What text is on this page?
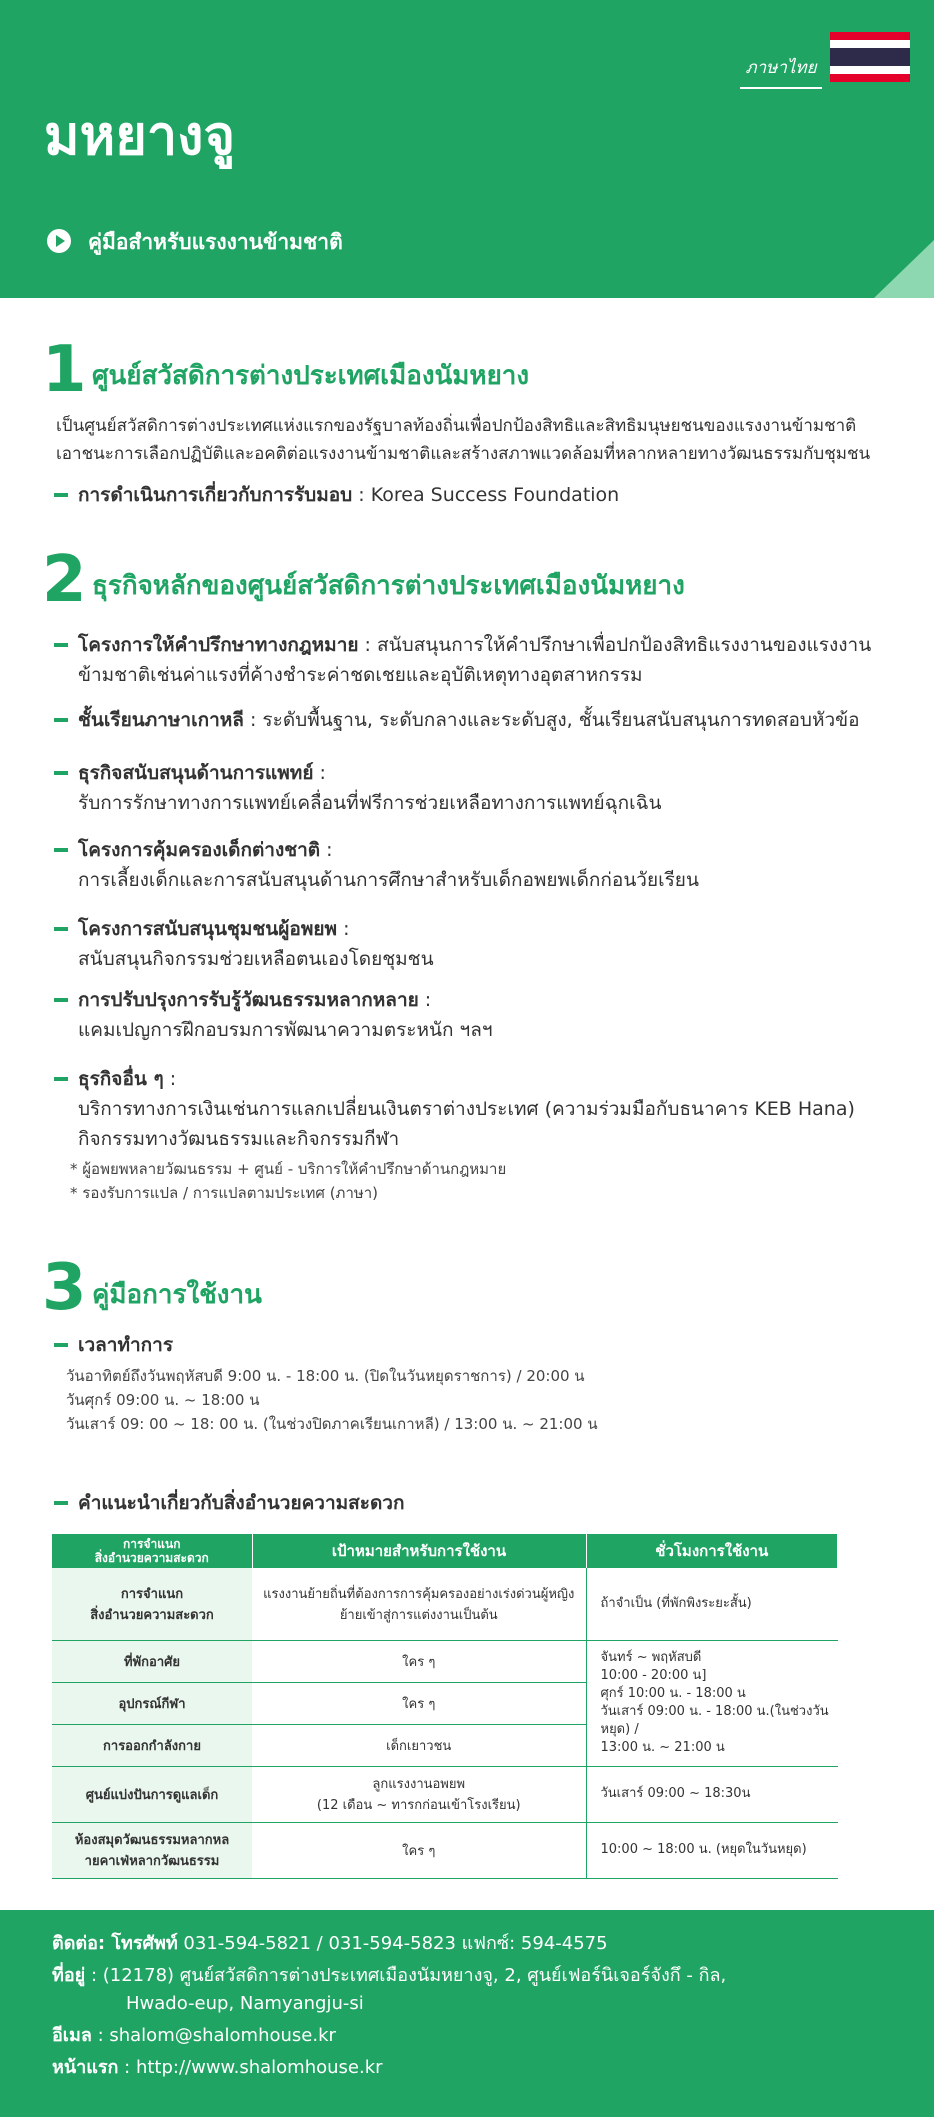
ภาษาไทย
มหยางจู
คู่มือสำหรับแรงงานข้ามชาติ
1 ศูนย์สวัสดิการต่างประเทศเมืองนัมหยาง
เป็นศูนย์สวัสดิการต่างประเทศแห่งแรกของรัฐบาลท้องถิ่นเพื่อปกป้องสิทธิและสิทธิมนุษยชนของแรงงานข้ามชาติเอาชนะการเลือกปฏิบัติและอคติต่อแรงงานข้ามชาติและสร้างสภาพแวดล้อมที่หลากหลายทางวัฒนธรรมกับชุมชน
การดำเนินการเกี่ยวกับการรับมอบ : Korea Success Foundation
2 ธุรกิจหลักของศูนย์สวัสดิการต่างประเทศเมืองนัมหยาง
โครงการให้คำปรึกษาทางกฎหมาย : สนับสนุนการให้คำปรึกษาเพื่อปกป้องสิทธิแรงงานของแรงงานข้ามชาติเช่นค่าแรงที่ค้างชำระค่าชดเชยและอุบัติเหตุทางอุตสาหกรรม
ชั้นเรียนภาษาเกาหลี : ระดับพื้นฐาน, ระดับกลางและระดับสูง, ชั้นเรียนสนับสนุนการทดสอบหัวข้อ
ธุรกิจสนับสนุนด้านการแพทย์ :
รับการรักษาทางการแพทย์เคลื่อนที่ฟรีการช่วยเหลือทางการแพทย์ฉุกเฉิน
โครงการคุ้มครองเด็กต่างชาติ :
การเลี้ยงเด็กและการสนับสนุนด้านการศึกษาสำหรับเด็กอพยพเด็กก่อนวัยเรียน
โครงการสนับสนุนชุมชนผู้อพยพ :
สนับสนุนกิจกรรมช่วยเหลือตนเองโดยชุมชน
การปรับปรุงการรับรู้วัฒนธรรมหลากหลาย :
แคมเปญการฝึกอบรมการพัฒนาความตระหนัก ฯลฯ
ธุรกิจอื่น ๆ :
บริการทางการเงินเช่นการแลกเปลี่ยนเงินตราต่างประเทศ (ความร่วมมือกับธนาคาร KEB Hana)
กิจกรรมทางวัฒนธรรมและกิจกรรมกีฬา
* ผู้อพยพหลายวัฒนธรรม + ศูนย์ - บริการให้คำปรึกษาด้านกฎหมาย
* รองรับการแปล / การแปลตามประเทศ (ภาษา)
3 คู่มือการใช้งาน
เวลาทำการ
วันอาทิตย์ถึงวันพฤหัสบดี 9:00 น. - 18:00 น. (ปิดในวันหยุดราชการ) / 20:00 น
วันศุกร์ 09:00 น. ~ 18:00 น
วันเสาร์ 09: 00 ~ 18: 00 น. (ในช่วงปิดภาคเรียนเกาหลี) / 13:00 น. ~ 21:00 น
คำแนะนำเกี่ยวกับสิ่งอำนวยความสะดวก
การจำแนก
สิ่งอำนวยความสะดวก	เป้าหมายสำหรับการใช้งาน	ชั่วโมงการใช้งาน
การจำแนก
สิ่งอำนวยความสะดวก	แรงงานย้ายถิ่นที่ต้องการการคุ้มครองอย่างเร่งด่วนผู้หญิง
ย้ายเข้าสู่การแต่งงานเป็นต้น	ถ้าจำเป็น (ที่พักพิงระยะสั้น)
ที่พักอาศัย	ใคร ๆ	จันทร์ ~ พฤหัสบดี
10:00 - 20:00 น]
ศุกร์ 10:00 น. - 18:00 น
วันเสาร์ 09:00 น. - 18:00 น.(ในช่วงวันหยุด) /
13:00 น. ~ 21:00 น
อุปกรณ์กีฬา	ใคร ๆ	
การออกกำลังกาย	เด็กเยาวชน	
ศูนย์แบ่งปันการดูแลเด็ก	ลูกแรงงานอพยพ
(12 เดือน ~ ทารกก่อนเข้าโรงเรียน)	วันเสาร์ 09:00 ~ 18:30น
ห้องสมุดวัฒนธรรมหลากหล
ายคาเฟ่หลากวัฒนธรรม	ใคร ๆ	10:00 ~ 18:00 น. (หยุดในวันหยุด)
ติดต่อ: โทรศัพท์ 031-594-5821 / 031-594-5823 แฟกซ์: 594-4575
ที่อยู่ : (12178) ศูนย์สวัสดิการต่างประเทศเมืองนัมหยางจู, 2, ศูนย์เฟอร์นิเจอร์จังกึ - กิล,
Hwado-eup, Namyangju-si
อีเมล : shalom@shalomhouse.kr
หน้าแรก : http://www.shalomhouse.kr
